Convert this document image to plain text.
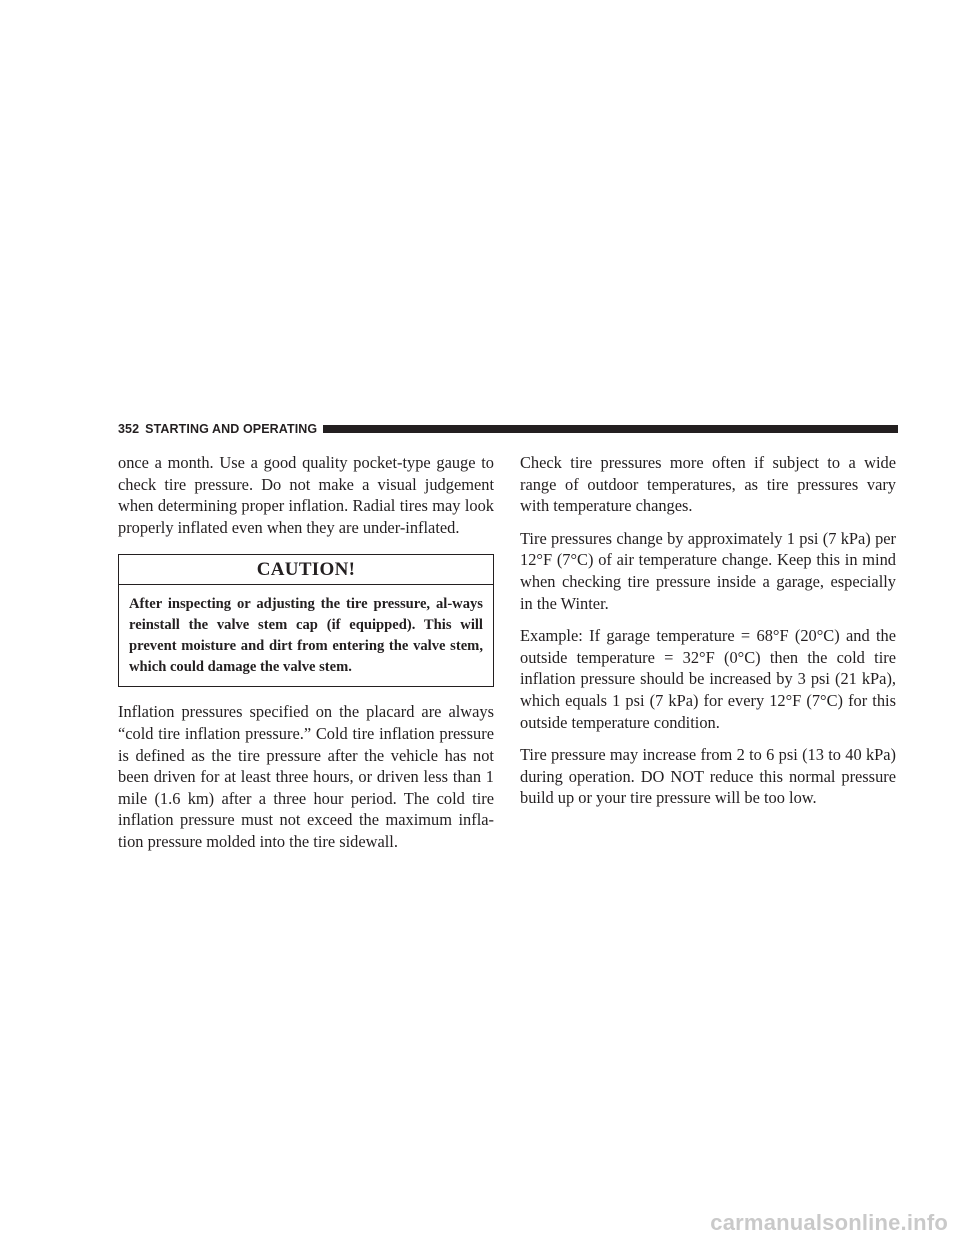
352 STARTING AND OPERATING

once a month. Use a good quality pocket-type gauge to check tire pressure. Do not make a visual judgement when determining proper inflation. Radial tires may look properly inflated even when they are under-inflated.

CAUTION!
After inspecting or adjusting the tire pressure, al-ways reinstall the valve stem cap (if equipped). This will prevent moisture and dirt from entering the valve stem, which could damage the valve stem.

Inflation pressures specified on the placard are always “cold tire inflation pressure.” Cold tire inflation pressure is defined as the tire pressure after the vehicle has not been driven for at least three hours, or driven less than 1 mile (1.6 km) after a three hour period. The cold tire inflation pressure must not exceed the maximum infla-tion pressure molded into the tire sidewall.

Check tire pressures more often if subject to a wide range of outdoor temperatures, as tire pressures vary with temperature changes.

Tire pressures change by approximately 1 psi (7 kPa) per 12°F (7°C) of air temperature change. Keep this in mind when checking tire pressure inside a garage, especially in the Winter.

Example: If garage temperature = 68°F (20°C) and the outside temperature = 32°F (0°C) then the cold tire inflation pressure should be increased by 3 psi (21 kPa), which equals 1 psi (7 kPa) for every 12°F (7°C) for this outside temperature condition.

Tire pressure may increase from 2 to 6 psi (13 to 40 kPa) during operation. DO NOT reduce this normal pressure build up or your tire pressure will be too low.

carmanualsonline.info
